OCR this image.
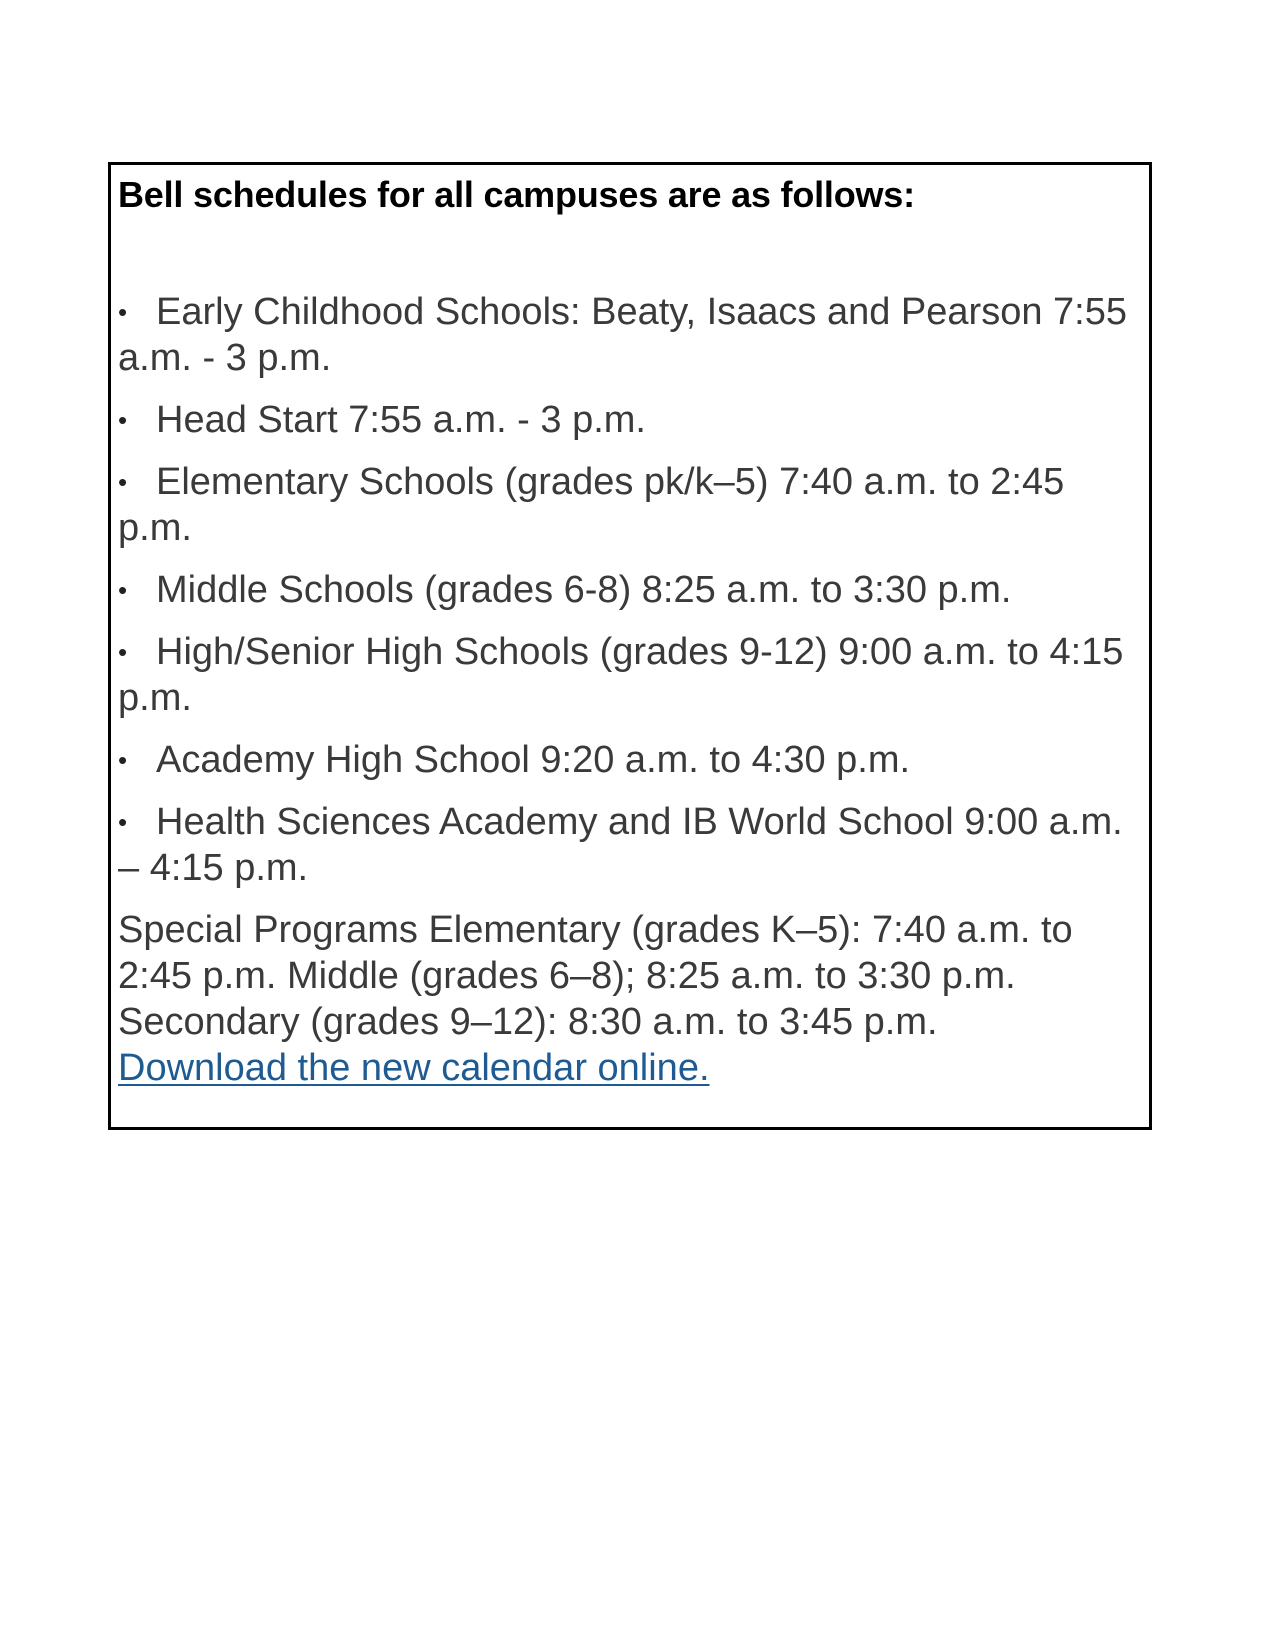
Bell schedules for all campuses are as follows:
• Early Childhood Schools: Beaty, Isaacs and Pearson 7:55 a.m. - 3 p.m.
• Head Start 7:55 a.m. - 3 p.m.
• Elementary Schools (grades pk/k–5) 7:40 a.m. to 2:45 p.m.
• Middle Schools (grades 6-8) 8:25 a.m. to 3:30 p.m.
• High/Senior High Schools (grades 9-12) 9:00 a.m. to 4:15 p.m.
• Academy High School 9:20 a.m. to 4:30 p.m.
• Health Sciences Academy and IB World School 9:00 a.m. – 4:15 p.m.

Special Programs Elementary (grades K–5): 7:40 a.m. to 2:45 p.m. Middle (grades 6–8); 8:25 a.m. to 3:30 p.m. Secondary (grades 9–12): 8:30 a.m. to 3:45 p.m.

Download the new calendar online.
